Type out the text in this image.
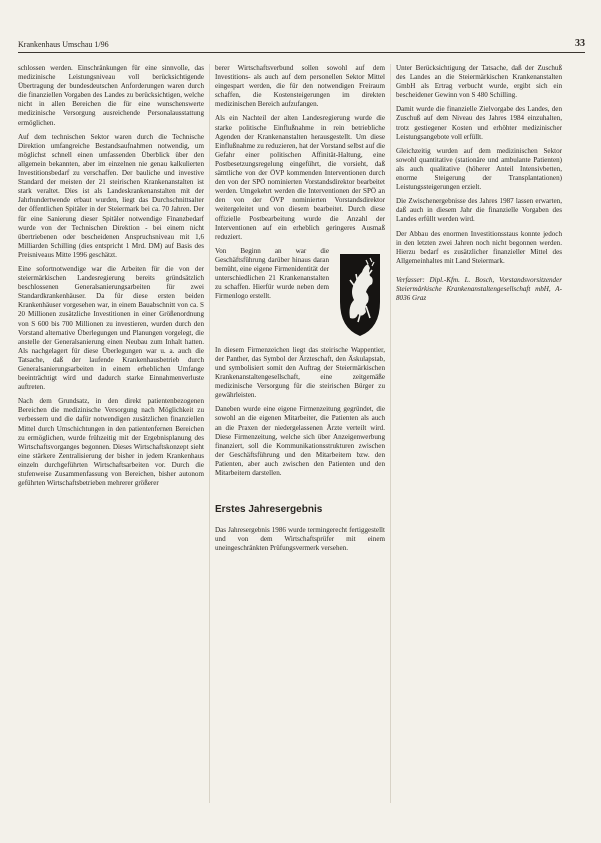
Krankenhaus Umschau 1/96	33

schlossen werden. Einschränkungen für eine sinnvolle, das medizinische Leistungsniveau voll berücksichtigende Übertragung der bundesdeutschen Anforderungen waren durch die finanziellen Vorgaben des Landes zu berücksichtigen, welche nicht in allen Bereichen die für eine wunschenswerte medizinische Versorgung ausreichende Personalausstattung ermöglichen.

Auf dem technischen Sektor waren durch die Technische Direktion umfangreiche Bestandsaufnahmen notwendig, um möglichst schnell einen umfassenden Überblick über den allgemein bekannten, aber im einzelnen nie genau kalkulierten Investitionsbedarf zu verschaffen. Der bauliche und investive Standard der meisten der 21 steirischen Krankenanstalten ist stark veraltet. Dies ist als Landeskrankenanstalten mit der Jahrhundertwende erbaut wurden, liegt das Durchschnittsalter der öffentlichen Spitäler in der Steiermark bei ca. 70 Jahren. Der für eine Sanierung dieser Spitäler notwendige Finanzbedarf wurde von der Technischen Direktion - bei einem nicht übertriebenen oder bescheidenen Anspruchsniveau mit 1,6 Milliarden Schilling (dies entspricht 1 Mrd. DM) auf Basis des Preisniveaus Mitte 1996 geschätzt.

Eine sofortnotwendige war die Arbeiten für die von der steiermärkischen Landesregierung bereits gründsätzlich beschlossenen Generalsanierungsarbeiten für zwei Standardkrankenhäuser. Da für diese ersten beiden Krankenhäuser vorgesehen war, in einem Bauabschnitt von ca. S 20 Millionen zusätzliche Investitionen in einer Größenordnung von S 600 bis 700 Millionen zu investieren, wurden durch den Vorstand alternative Überlegungen und Planungen vorgelegt, die anstelle der Generalsanierung einen Neubau zum Inhalt hatten. Als nachgelagert für diese Überlegungen war u. a. auch die Tatsache, daß der laufende Krankenhausbetrieb durch Generalsanierungsarbeiten in einem erheblichen Umfange beeinträchtigt wird und dadurch starke Einnahmenverluste auftreten.

Nach dem Grundsatz, in den direkt patientenbezogenen Bereichen die medizinische Versorgung nach Möglichkeit zu verbessern und die dafür notwendigen zusätzlichen finanziellen Mittel durch Umschichtungen in den patientenfernen Bereichen zu ermöglichen, wurde frühzeitig mit der Ergebnisplanung des Wirtschaftsvorganges begonnen. Dieses Wirtschaftskonzept sieht eine stärkere Zentralisierung der bisher in jedem Krankenhaus einzeln durchgeführten Wirtschaftsarbeiten vor. Durch die stufenweise Zusammenfassung von Bereichen, bisher autonom geführten Wirtschaftsbetrieben mehrerer größerer

berer Wirtschaftsverbund sollen sowohl auf dem Investitions- als auch auf dem personellen Sektor Mittel eingespart werden, die für den notwendigen Freiraum schaffen, die Kostensteigerungen im direkten medizinischen Bereich aufzufangen.

Als ein Nachteil der alten Landesregierung wurde die starke politische Einflußnahme in rein betriebliche Agenden der Krankenanstalten herausgestellt. Um diese Einflußnahme zu reduzieren, hat der Vorstand selbst auf die Gefahr einer politischen Affinität-Haltung, eine Postbesetzungsregelung eingeführt, die vorsieht, daß sämtliche von der ÖVP kommenden Interventionen durch den von der SPÖ nominierten Vorstandsdirektor bearbeitet werden. Umgekehrt werden die Interventionen der SPÖ an den von der ÖVP nominierten Vorstandsdirektor weitergeleitet und von diesem bearbeitet. Durch diese offizielle Postbearbeitung wurde die Anzahl der Interventionen auf ein erheblich geringeres Ausmaß reduziert.

Von Beginn an war die Geschäftsführung darüber hinaus daran bemüht, eine eigene Firmenidentität der unterschiedlichen 21 Krankenanstalten zu schaffen. Hierfür wurde neben dem Firmenlogo erstellt.

In diesem Firmenzeichen liegt das steirische Wappentier, der Panther, das Symbol der Ärzteschaft, den Äskulapstab, und symbolisiert somit den Auftrag der Steiermärkischen Krankenanstaltengesellschaft, eine zeitgemäße medizinische Versorgung für die steirischen Bürger zu gewährleisten.

Daneben wurde eine eigene Firmenzeitung gegründet, die sowohl an die eigenen Mitarbeiter, die Patienten als auch an die Praxen der niedergelassenen Ärzte verteilt wird. Diese Firmenzeitung, welche sich über Anzeigenwerbung finanziert, soll die Kommunikationsstrukturen zwischen der Geschäftsführung und den Mitarbeitern bzw. den Patienten, aber auch zwischen den Patienten und den Mitarbeitern darstellen.

Erstes Jahresergebnis

Das Jahresergebnis 1986 wurde termingerecht fertiggestellt und von dem Wirtschaftsprüfer mit einem uneingeschränkten Prüfungsvermerk versehen.

Unter Berücksichtigung der Tatsache, daß der Zuschuß des Landes an die Steiermärkischen Krankenanstalten GmbH als Ertrag verbucht wurde, ergibt sich ein bescheidener Gewinn von S 480 Schilling.

Damit wurde die finanzielle Zielvorgabe des Landes, den Zuschuß auf dem Niveau des Jahres 1984 einzuhalten, trotz gestiegener Kosten und erhöhter medizinischer Leistungsangebote voll erfüllt.

Gleichzeitig wurden auf dem medizinischen Sektor sowohl quantitative (stationäre und ambulante Patienten) als auch qualitative (höherer Anteil Intensivbetten, enorme Steigerung der Transplantationen) Leistungssteigerungen erzielt.

Die Zwischenergebnisse des Jahres 1987 lassen erwarten, daß auch in diesem Jahr die finanzielle Vorgaben des Landes erfüllt werden wird.

Der Abbau des enormen Investitionsstaus konnte jedoch in den letzten zwei Jahren noch nicht begonnen werden. Hierzu bedarf es zusätzlicher finanzieller Mittel des Allgemeinhaltes mit Land Steiermark.

Verfasser: Dipl.-Kfm. L. Bosch, Vorstandsvorsitzender Steiermärkische Krankenanstaltengesellschaft mbH, A-8036 Graz
